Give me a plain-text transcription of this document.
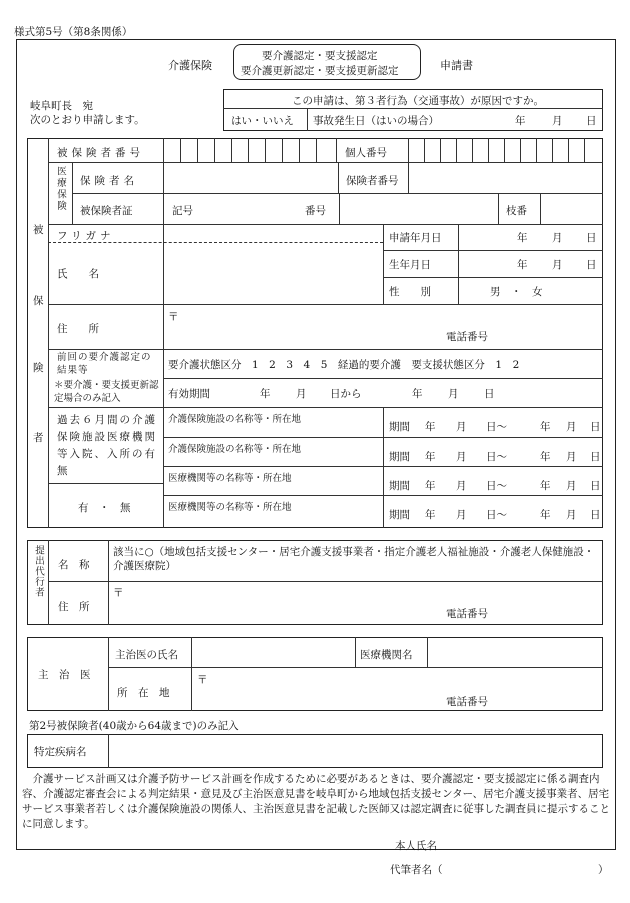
様式第5号（第8条関係）
介護保険
要介護認定・要支援認定
要介護更新認定・要支援更新認定	申請書
岐阜町長　宛
次のとおり申請します。
この申請は、第３者行為（交通事故）が原因ですか。
はい・いいえ 事故発生日（はいの場合）	年	月 日
被
保
険
者
被保険者番号	個人番号
医療保険 保険者名	保険者番号
被保険者証	記号	番号	枝番
フリガナ
氏　　名
申請年月日	年 月 日
生年月日	年 月 日
性　　別	男　・　女
住　　所
〒
電話番号
前回の要介護認定の結果等
＊要介護・要支援更新認定場合のみ記入
要介護状態区分　1　2　3　4　5　経過的要介護　要支援状態区分　1　2
有効期間	年 月 日から	年 月 日
過去６月間の介護保険施設医療機関等入院、入所の有無
有　・　無
介護保険施設の名称等・所在地
期間 年 月 日〜	年 月 日
介護保険施設の名称等・所在地
期間 年 月 日〜	年 月 日
医療機関等の名称等・所在地
期間 年 月 日〜	年 月 日
医療機関等の名称等・所在地
期間 年 月 日〜	年 月 日
提出代行者 名　称
該当に○（地域包括支援センター・居宅介護支援事業者・指定介護老人福祉施設・介護老人保健施設・介護医療院）
住　所
〒
電話番号
主　治　医
主治医の氏名	医療機関名
所　在　地
〒
電話番号
第2号被保険者(40歳から64歳まで)のみ記入
特定疾病名
介護サービス計画又は介護予防サービス計画を作成するために必要があるときは、要介護認定・要支援認定に係る調査内容、介護認定審査会による判定結果・意見及び主治医意見書を岐阜町から地域包括支援センター、居宅介護支援事業者、居宅サービス事業者若しくは介護保険施設の関係人、主治医意見書を記載した医師又は認定調査に従事した調査員に提示することに同意します。
本人氏名
代筆者名（	）
